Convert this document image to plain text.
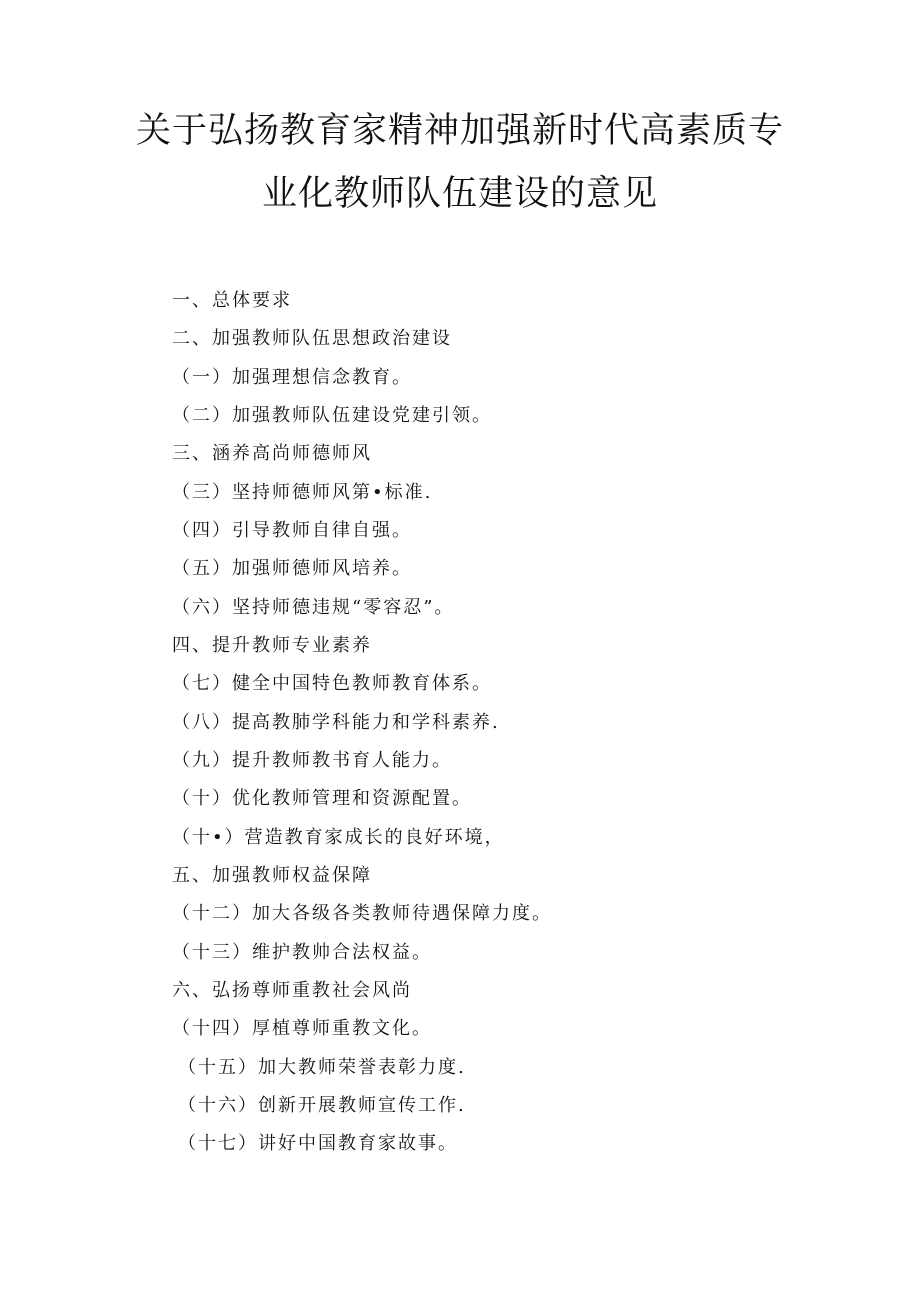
关于弘扬教育家精神加强新时代高素质专
业化教师队伍建设的意见
一、总体要求
二、加强教师队伍思想政治建设
（一）加强理想信念教育。
（二）加强教师队伍建设党建引领。
三、涵养高尚师德师风
（三）坚持师德师风第•标准.
（四）引导教师自律自强。
（五）加强师德师风培养。
（六）坚持师德违规“零容忍”。
四、提升教师专业素养
（七）健全中国特色教师教育体系。
（八）提高教肺学科能力和学科素养.
（九）提升教师教书育人能力。
（十）优化教师管理和资源配置。
（十•）营造教育家成长的良好环境，
五、加强教师权益保障
（十二）加大各级各类教师待遇保障力度。
（十三）维护教帅合法权益。
六、弘扬尊师重教社会风尚
（十四）厚植尊师重教文化。
（十五）加大教师荣誉表彰力度.
（十六）创新开展教师宣传工作.
（十七）讲好中国教育家故事。
